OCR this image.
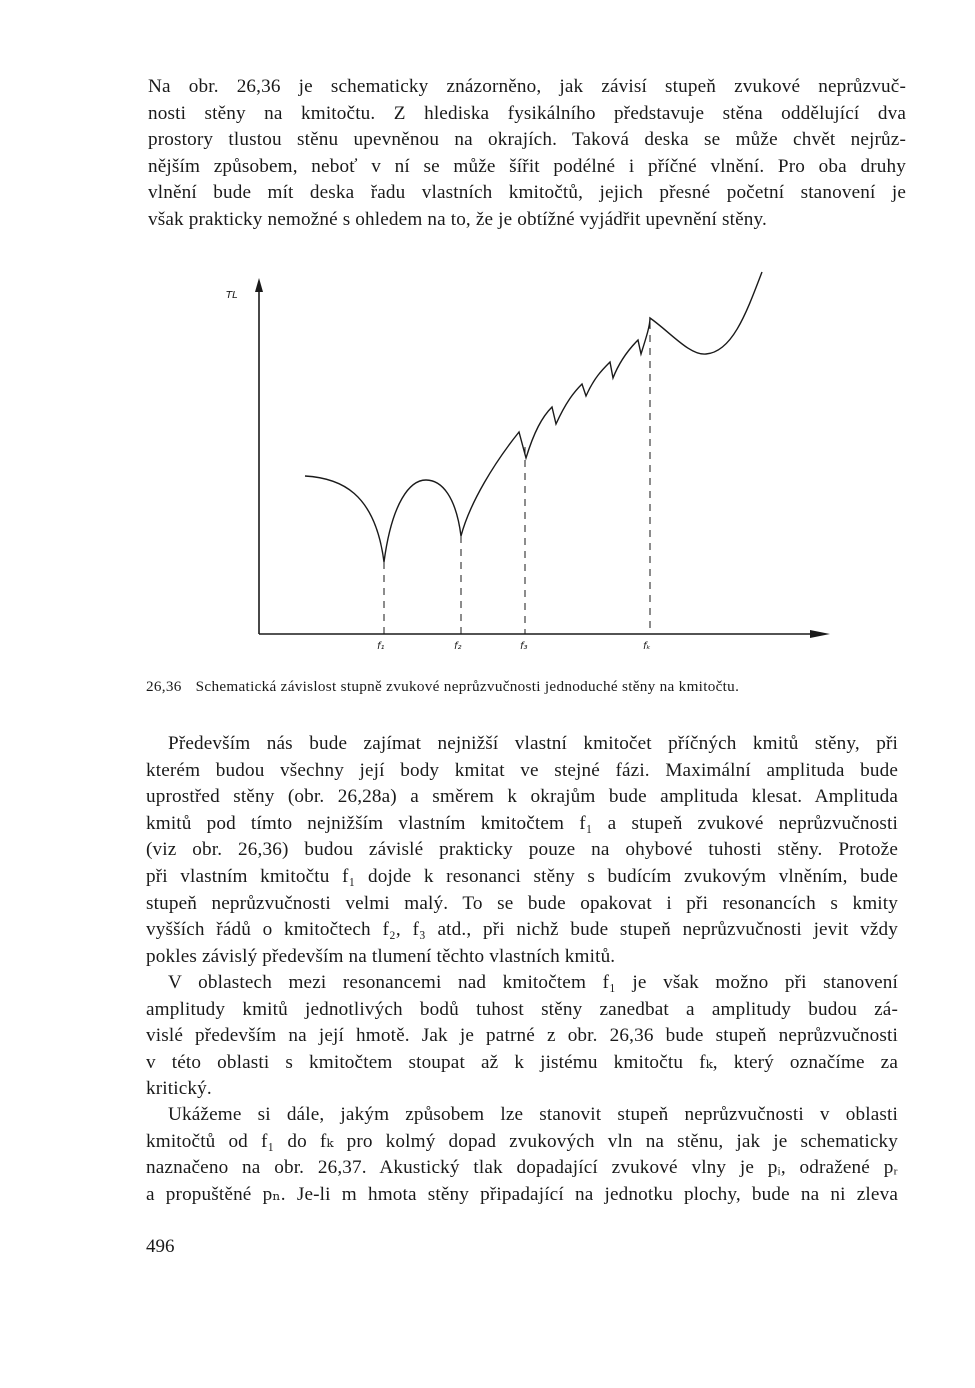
Na obr. 26,36 je schematicky znázorněno, jak závisí stupeň zvukové neprůzvuč-
nosti stěny na kmitočtu. Z hlediska fysikálního představuje stěna oddělující dva
prostory tlustou stěnu upevněnou na okrajích. Taková deska se může chvět nejrůz-
nějším způsobem, neboť v ní se může šířit podélné i příčné vlnění. Pro oba druhy
vlnění bude mít deska řadu vlastních kmitočtů, jejich přesné početní stanovení je
však prakticky nemožné s ohledem na to, že je obtížné vyjádřit upevnění stěny.
TL
f₁	f₂	f₃	fₖ
26,36 Schematická závislost stupně zvukové neprůzvučnosti jednoduché stěny na kmitočtu.
Především nás bude zajímat nejnižší vlastní kmitočet příčných kmitů stěny, při
kterém budou všechny její body kmitat ve stejné fázi. Maximální amplituda bude
uprostřed stěny (obr. 26,28a) a směrem k okrajům bude amplituda klesat. Amplituda
kmitů pod tímto nejnižším vlastním kmitočtem f₁ a stupeň zvukové neprůzvučnosti
(viz obr. 26,36) budou závislé prakticky pouze na ohybové tuhosti stěny. Protože
při vlastním kmitočtu f₁ dojde k resonanci stěny s budícím zvukovým vlněním, bude
stupeň neprůzvučnosti velmi malý. To se bude opakovat i při resonancích s kmity
vyšších řádů o kmitočtech f₂, f₃ atd., při nichž bude stupeň neprůzvučnosti jevit vždy
pokles závislý především na tlumení těchto vlastních kmitů.
V oblastech mezi resonancemi nad kmitočtem f₁ je však možno při stanovení
amplitudy kmitů jednotlivých bodů tuhost stěny zanedbat a amplitudy budou zá-
vislé především na její hmotě. Jak je patrné z obr. 26,36 bude stupeň neprůzvučnosti
v této oblasti s kmitočtem stoupat až k jistému kmitočtu fₖ, který označíme za
kritický.
Ukážeme si dále, jakým způsobem lze stanovit stupeň neprůzvučnosti v oblasti
kmitočtů od f₁ do fₖ pro kolmý dopad zvukových vln na stěnu, jak je schematicky
naznačeno na obr. 26,37. Akustický tlak dopadající zvukové vlny je pᵢ, odražené pᵣ
a propuštěné pₙ. Je-li m hmota stěny připadající na jednotku plochy, bude na ni zleva
496
